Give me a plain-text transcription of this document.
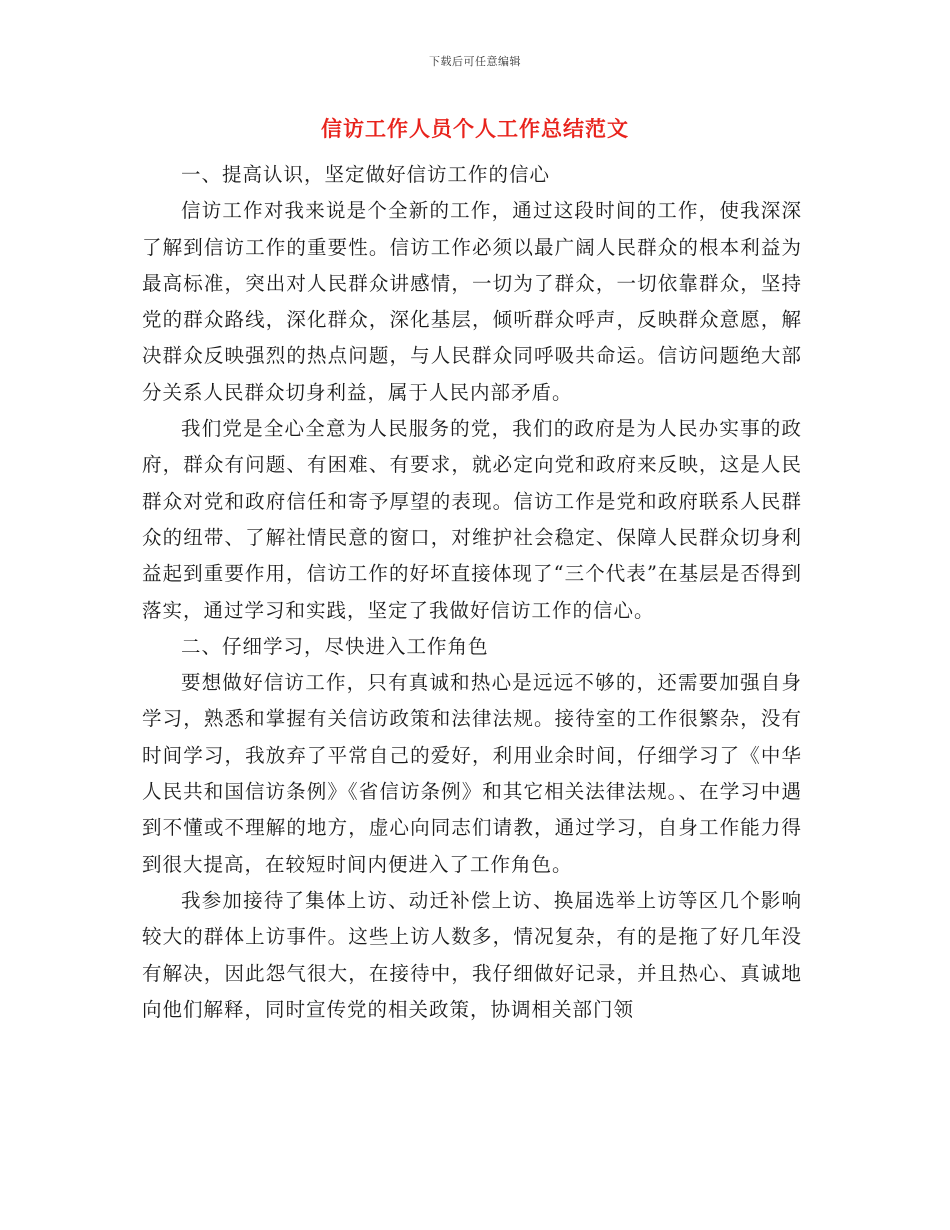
下载后可任意编辑
信访工作人员个人工作总结范文

一、提高认识，坚定做好信访工作的信心

信访工作对我来说是个全新的工作，通过这段时间的工作，使我深深了解到信访工作的重要性。信访工作必须以最广阔人民群众的根本利益为最高标准，突出对人民群众讲感情，一切为了群众，一切依靠群众，坚持党的群众路线，深化群众，深化基层，倾听群众呼声，反映群众意愿，解决群众反映强烈的热点问题，与人民群众同呼吸共命运。信访问题绝大部分关系人民群众切身利益，属于人民内部矛盾。

我们党是全心全意为人民服务的党，我们的政府是为人民办实事的政府，群众有问题、有困难、有要求，就必定向党和政府来反映，这是人民群众对党和政府信任和寄予厚望的表现。信访工作是党和政府联系人民群众的纽带、了解社情民意的窗口，对维护社会稳定、保障人民群众切身利益起到重要作用，信访工作的好坏直接体现了“三个代表”在基层是否得到落实，通过学习和实践，坚定了我做好信访工作的信心。

二、仔细学习，尽快进入工作角色

要想做好信访工作，只有真诚和热心是远远不够的，还需要加强自身学习，熟悉和掌握有关信访政策和法律法规。接待室的工作很繁杂，没有时间学习，我放弃了平常自己的爱好，利用业余时间，仔细学习了《中华人民共和国信访条例》《省信访条例》和其它相关法律法规。、在学习中遇到不懂或不理解的地方，虚心向同志们请教，通过学习，自身工作能力得到很大提高，在较短时间内便进入了工作角色。

我参加接待了集体上访、动迁补偿上访、换届选举上访等区几个影响较大的群体上访事件。这些上访人数多，情况复杂，有的是拖了好几年没有解决，因此怨气很大，在接待中，我仔细做好记录，并且热心、真诚地向他们解释，同时宣传党的相关政策，协调相关部门领
